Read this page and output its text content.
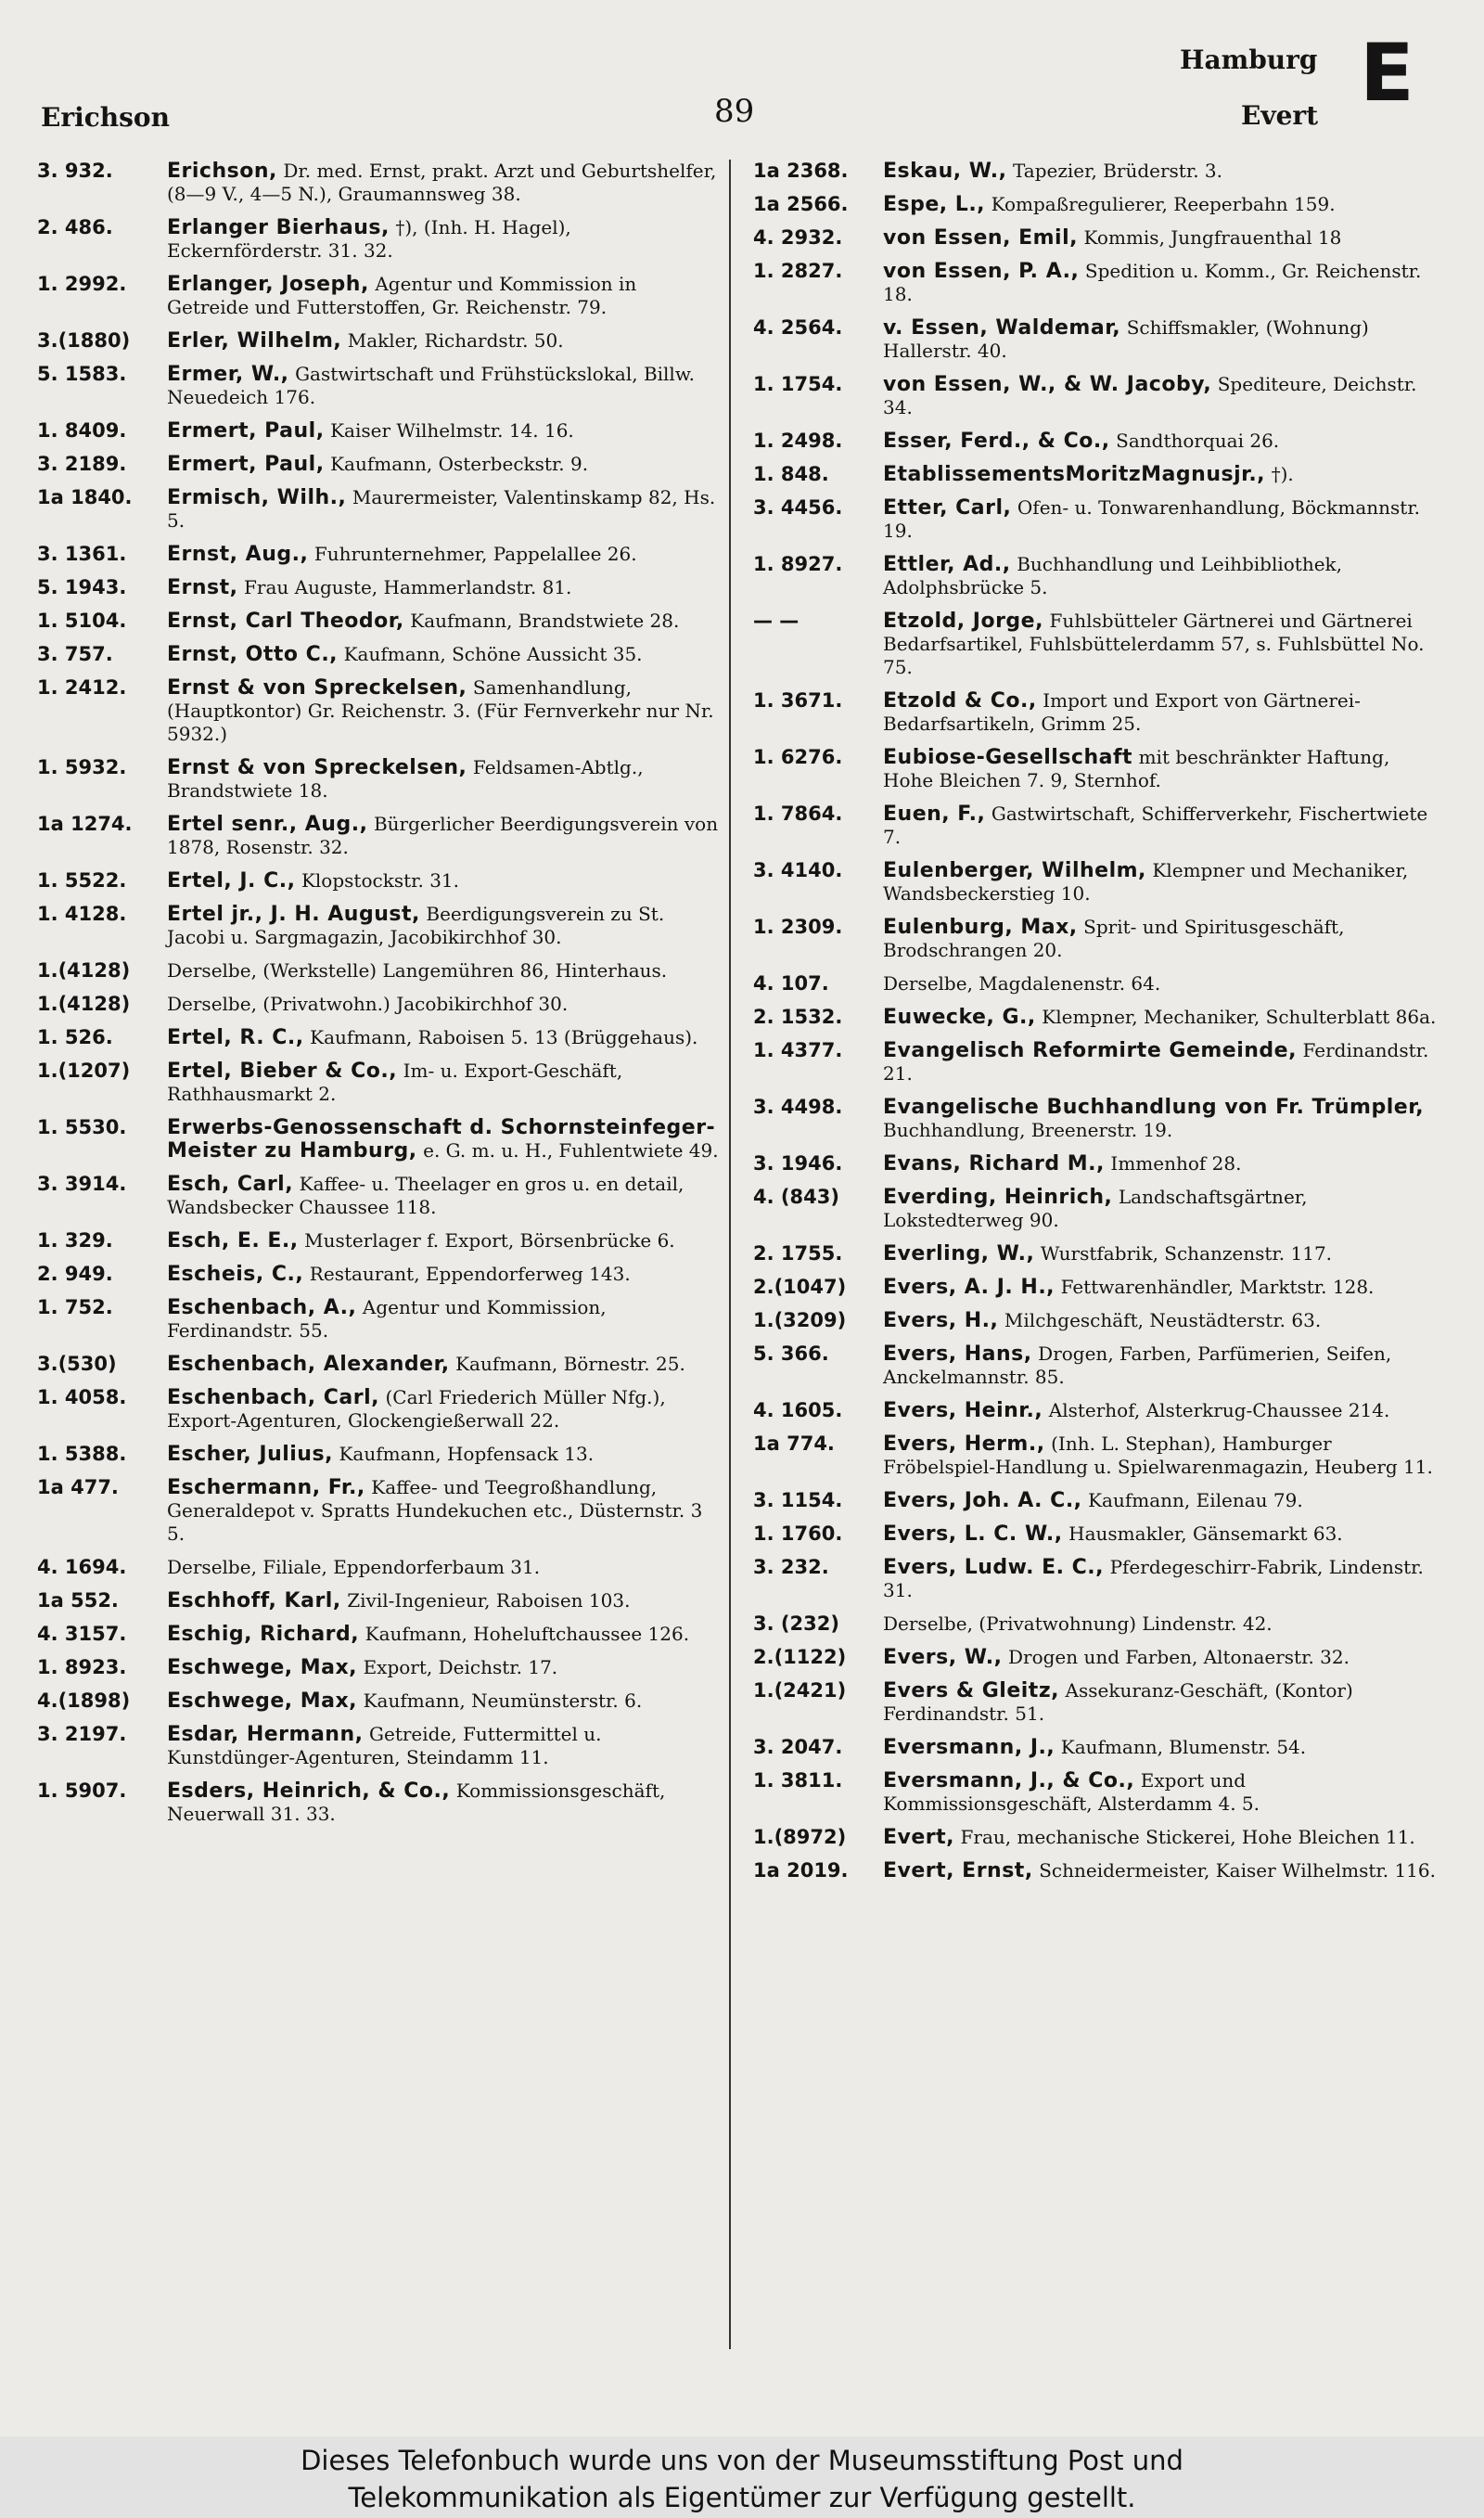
Erichson	89
Hamburg
Evert E
3. 932.	Erichson, Dr. med. Ernst, prakt. Arzt und Geburtshelfer, (8—9 V., 4—5 N.), Graumannsweg 38.
2. 486.	Erlanger Bierhaus, †), (Inh. H. Hagel), Eckernförderstr. 31. 32.
1. 2992.	Erlanger, Joseph, Agentur und Kommission in Getreide und Futterstoffen, Gr. Reichenstr. 79.
3.(1880)	Erler, Wilhelm, Makler, Richardstr. 50.
5. 1583.	Ermer, W., Gastwirtschaft und Frühstückslokal, Billw. Neuedeich 176.
1. 8409.	Ermert, Paul, Kaiser Wilhelmstr. 14. 16.
3. 2189.	Ermert, Paul, Kaufmann, Osterbeckstr. 9.
1a 1840.	Ermisch, Wilh., Maurermeister, Valentinskamp 82, Hs. 5.
3. 1361.	Ernst, Aug., Fuhrunternehmer, Pappelallee 26.
5. 1943.	Ernst, Frau Auguste, Hammerlandstr. 81.
1. 5104.	Ernst, Carl Theodor, Kaufmann, Brandstwiete 28.
3. 757.	Ernst, Otto C., Kaufmann, Schöne Aussicht 35.
1. 2412.	Ernst & von Spreckelsen, Samenhandlung, (Hauptkontor) Gr. Reichenstr. 3. (Für Fernverkehr nur Nr. 5932.)
1. 5932.	Ernst & von Spreckelsen, Feldsamen-Abtlg., Brandstwiete 18.
1a 1274.	Ertel senr., Aug., Bürgerlicher Beerdigungsverein von 1878, Rosenstr. 32.
1. 5522.	Ertel, J. C., Klopstockstr. 31.
1. 4128.	Ertel jr., J. H. August, Beerdigungsverein zu St. Jacobi u. Sargmagazin, Jacobikirchhof 30.
1.(4128)	Derselbe, (Werkstelle) Langemühren 86, Hinterhaus.
1.(4128)	Derselbe, (Privatwohn.) Jacobikirchhof 30.
1. 526.	Ertel, R. C., Kaufmann, Raboisen 5. 13 (Brüggehaus).
1.(1207)	Ertel, Bieber & Co., Im- u. Export-Geschäft, Rathhausmarkt 2.
1. 5530.	Erwerbs-Genossenschaft d. Schornsteinfeger-Meister zu Hamburg, e. G. m. u. H., Fuhlentwiete 49.
3. 3914.	Esch, Carl, Kaffee- u. Theelager en gros u. en detail, Wandsbecker Chaussee 118.
1. 329.	Esch, E. E., Musterlager f. Export, Börsenbrücke 6.
2. 949.	Escheis, C., Restaurant, Eppendorferweg 143.
1. 752.	Eschenbach, A., Agentur und Kommission, Ferdinandstr. 55.
3.(530)	Eschenbach, Alexander, Kaufmann, Börnestr. 25.
1. 4058.	Eschenbach, Carl, (Carl Friederich Müller Nfg.), Export-Agenturen, Glockengießerwall 22.
1. 5388.	Escher, Julius, Kaufmann, Hopfensack 13.
1a 477.	Eschermann, Fr., Kaffee- und Teegroßhandlung, Generaldepot v. Spratts Hundekuchen etc., Düsternstr. 3 5.
4. 1694.	Derselbe, Filiale, Eppendorferbaum 31.
1a 552.	Eschhoff, Karl, Zivil-Ingenieur, Raboisen 103.
4. 3157.	Eschig, Richard, Kaufmann, Hoheluftchaussee 126.
1. 8923.	Eschwege, Max, Export, Deichstr. 17.
4.(1898)	Eschwege, Max, Kaufmann, Neumünsterstr. 6.
3. 2197.	Esdar, Hermann, Getreide, Futtermittel u. Kunstdünger-Agenturen, Steindamm 11.
1. 5907.	Esders, Heinrich, & Co., Kommissionsgeschäft, Neuerwall 31. 33.
1a 2368.	Eskau, W., Tapezier, Brüderstr. 3.
1a 2566.	Espe, L., Kompaßregulierer, Reeperbahn 159.
4. 2932.	von Essen, Emil, Kommis, Jungfrauenthal 18
1. 2827.	von Essen, P. A., Spedition u. Komm., Gr. Reichenstr. 18.
4. 2564.	v. Essen, Waldemar, Schiffsmakler, (Wohnung) Hallerstr. 40.
1. 1754.	von Essen, W., & W. Jacoby, Spediteure, Deichstr. 34.
1. 2498.	Esser, Ferd., & Co., Sandthorquai 26.
1. 848.	EtablissementsMoritzMagnusjr., †).
3. 4456.	Etter, Carl, Ofen- u. Tonwarenhandlung, Böckmannstr. 19.
1. 8927.	Ettler, Ad., Buchhandlung und Leihbibliothek, Adolphsbrücke 5.
— —	Etzold, Jorge, Fuhlsbütteler Gärtnerei und Gärtnerei Bedarfsartikel, Fuhlsbüttelerdamm 57, s. Fuhlsbüttel No. 75.
1. 3671.	Etzold & Co., Import und Export von Gärtnerei-Bedarfsartikeln, Grimm 25.
1. 6276.	Eubiose-Gesellschaft mit beschränkter Haftung, Hohe Bleichen 7. 9, Sternhof.
1. 7864.	Euen, F., Gastwirtschaft, Schifferverkehr, Fischertwiete 7.
3. 4140.	Eulenberger, Wilhelm, Klempner und Mechaniker, Wandsbeckerstieg 10.
1. 2309.	Eulenburg, Max, Sprit- und Spiritusgeschäft, Brodschrangen 20.
4. 107.	Derselbe, Magdalenenstr. 64.
2. 1532.	Euwecke, G., Klempner, Mechaniker, Schulterblatt 86a.
1. 4377.	Evangelisch Reformirte Gemeinde, Ferdinandstr. 21.
3. 4498.	Evangelische Buchhandlung von Fr. Trümpler, Buchhandlung, Breenerstr. 19.
3. 1946.	Evans, Richard M., Immenhof 28.
4. (843)	Everding, Heinrich, Landschaftsgärtner, Lokstedterweg 90.
2. 1755.	Everling, W., Wurstfabrik, Schanzenstr. 117.
2.(1047)	Evers, A. J. H., Fettwarenhändler, Marktstr. 128.
1.(3209)	Evers, H., Milchgeschäft, Neustädterstr. 63.
5. 366.	Evers, Hans, Drogen, Farben, Parfümerien, Seifen, Anckelmannstr. 85.
4. 1605.	Evers, Heinr., Alsterhof, Alsterkrug-Chaussee 214.
1a 774.	Evers, Herm., (Inh. L. Stephan), Hamburger Fröbelspiel-Handlung u. Spielwarenmagazin, Heuberg 11.
3. 1154.	Evers, Joh. A. C., Kaufmann, Eilenau 79.
1. 1760.	Evers, L. C. W., Hausmakler, Gänsemarkt 63.
3. 232.	Evers, Ludw. E. C., Pferdegeschirr-Fabrik, Lindenstr. 31.
3. (232)	Derselbe, (Privatwohnung) Lindenstr. 42.
2.(1122)	Evers, W., Drogen und Farben, Altonaerstr. 32.
1.(2421)	Evers & Gleitz, Assekuranz-Geschäft, (Kontor) Ferdinandstr. 51.
3. 2047.	Eversmann, J., Kaufmann, Blumenstr. 54.
1. 3811.	Eversmann, J., & Co., Export und Kommissionsgeschäft, Alsterdamm 4. 5.
1.(8972)	Evert, Frau, mechanische Stickerei, Hohe Bleichen 11.
1a 2019.	Evert, Ernst, Schneidermeister, Kaiser Wilhelmstr. 116.
Dieses Telefonbuch wurde uns von der Museumsstiftung Post und
Telekommunikation als Eigentümer zur Verfügung gestellt.
